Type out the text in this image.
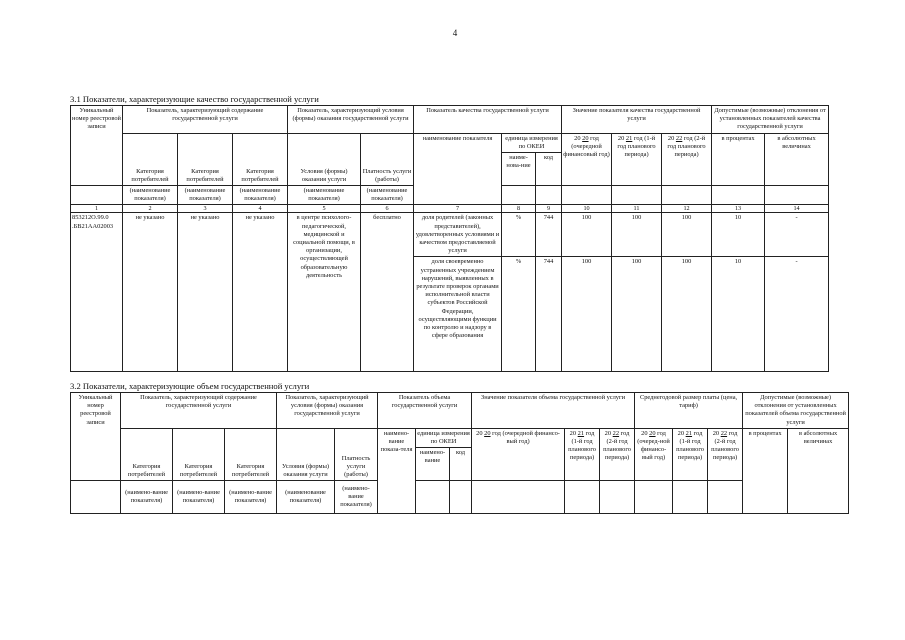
4
3.1 Показатели, характеризующие качество государственной услуги
Уникальный номер реестровой записи	Показатель, характеризующий содержание государственной услуги			Показатель, характеризующий условия (формы) оказания государственной услуги		Показатель качества государственной услуги			Значение показателя качества государственной услуги			Допустимые (возможные) отклонения от установленных показателей качества государственной услуги	
	Категория потребителей	Категория потребителей	Категория потребителей	Условия (формы) оказания услуги	Платность услуги (работы)	наименование показателя	единица измерения по ОКЕИ		20 20 год (очередной финансовый год)	20 21 год (1-й год планового периода)	20 22 год (2-й год планового периода)	в процентах	в абсолютных величинах
							наиме-нова-ние	код					
	(наименование показателя)	(наименование показателя)	(наименование показателя)	(наименование показателя)	(наименование показателя)								
1	2	3	4	5	6	7	8	9	10	11	12	13	14
853212О.99.0 .БВ21АА02003	не указано	не указано	не указано	в центре психолого-педагогической, медицинской и социальной помощи, в организации, осуществляющей образовательную деятельность	бесплатно	доля родителей (законных представителей), удовлетворенных условиями и качеством предоставляемой услуги	%	744	100	100	100	10	-
						доля своевременно устраненных учреждением нарушений, выявленных в результате проверок органами исполнительной власти субъектов Российской Федерации, осуществляющими функции по контролю и надзору в сфере образования	%	744	100	100	100	10	-
3.2 Показатели, характеризующие объем государственной услуги
Уникальный номер реестровой записи	Показатель, характеризующий содержание государственной услуги			Показатель, характеризующий условия (формы) оказания государственной услуги		Показатель объема государственной услуги			Значение показателя объема государственной услуги			Среднегодовой размер платы (цена, тариф)			Допустимые (возможные) отклонения от установленных показателей объема государственной услуги		
	Категория потребителей	Категория потребителей	Категория потребителей	Условия (формы) оказания услуги	Платность услуги (работы)	наимено-вание показа-теля	единица измерения по ОКЕИ		20 20 год (очередной финансо-вый год)	20 21 год (1-й год планового периода)	20 22 год (2-й год планового периода)	20 20 год (очеред-ной финансо-вый год)	20 21 год (1-й год планового периода)	20 22 год (2-й год планового периода)	в процентах	в абсолютных величинах	
							наимено-вание	код									
	(наимено-вание показателя)	(наимено-вание показателя)	(наимено-вание показателя)	(наименование показателя)	(наимено-вание показателя)												
